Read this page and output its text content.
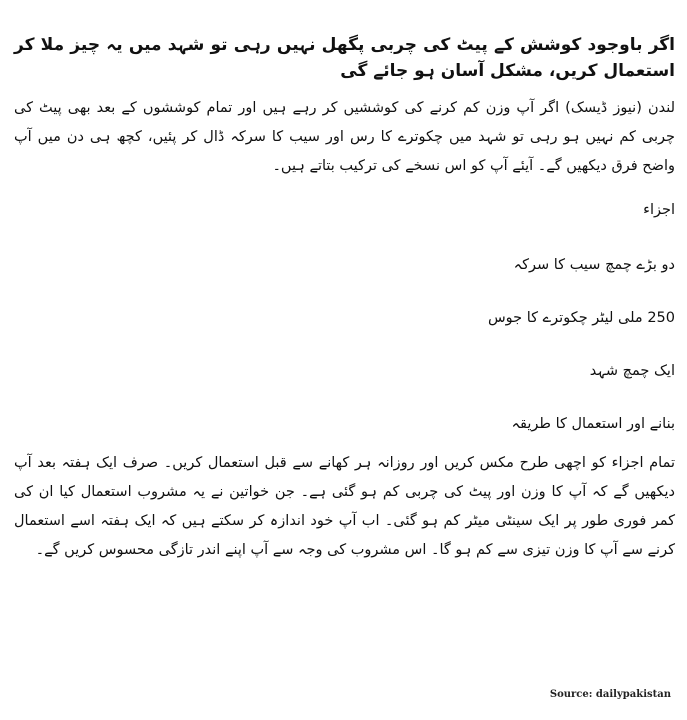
اگر باوجود کوشش کے پیٹ کی چربی پگھل نہیں رہی تو شہد میں یہ چیز ملا کر استعمال کریں، مشکل آسان ہو جائے گی

لندن (نیوز ڈیسک) اگر آپ وزن کم کرنے کی کوششیں کر رہے ہیں اور تمام کوششوں کے بعد بھی پیٹ کی چربی کم نہیں ہو رہی تو شہد میں چکوترے کا رس اور سیب کا سرکہ ڈال کر پئیں، کچھ ہی دن میں آپ واضح فرق دیکھیں گے۔ آیئے آپ کو اس نسخے کی ترکیب بتاتے ہیں۔

اجزاء

دو بڑے چمچ سیب کا سرکہ

250 ملی لیٹر چکوترے کا جوس

ایک چمچ شہد

بنانے اور استعمال کا طریقہ

تمام اجزاء کو اچھی طرح مکس کریں اور روزانہ ہر کھانے سے قبل استعمال کریں۔ صرف ایک ہفتہ بعد آپ دیکھیں گے کہ آپ کا وزن اور پیٹ کی چربی کم ہو گئی ہے۔ جن خواتین نے یہ مشروب استعمال کیا ان کی کمر فوری طور پر ایک سینٹی میٹر کم ہو گئی۔ اب آپ خود اندازہ کر سکتے ہیں کہ ایک ہفتہ اسے استعمال کرنے سے آپ کا وزن تیزی سے کم ہو گا۔ اس مشروب کی وجہ سے آپ اپنے اندر تازگی محسوس کریں گے۔

Source: dailypakistan
